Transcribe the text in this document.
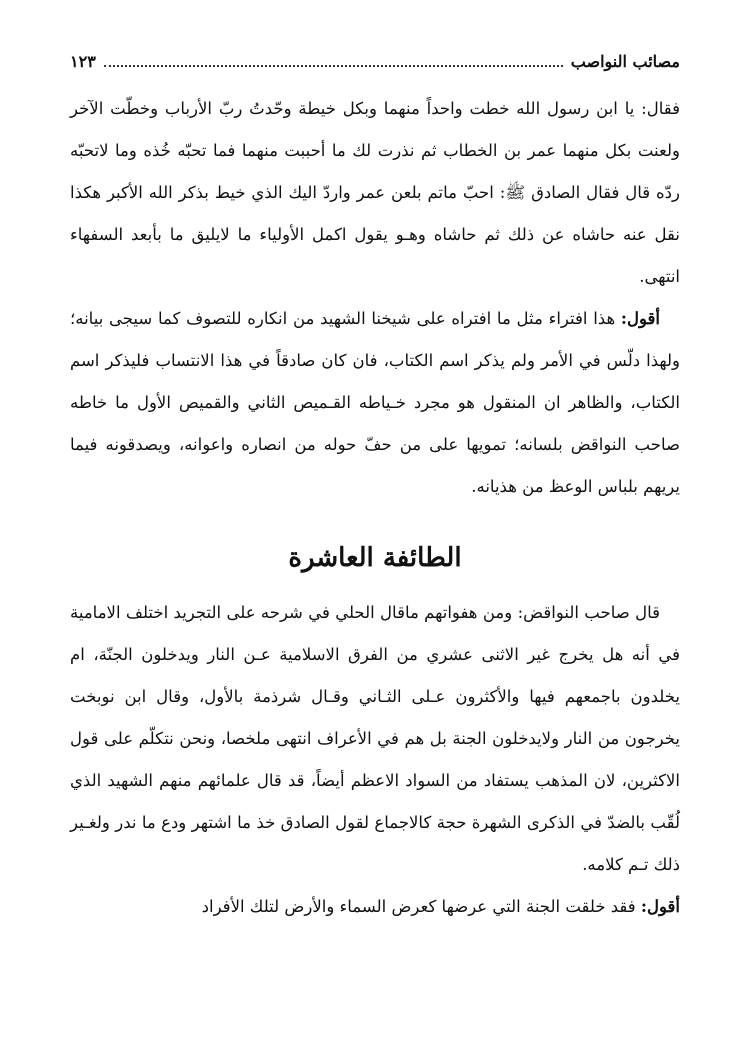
مصائب النواصب
١٢٣
فقال: يا ابن رسول الله خطت واحداً منهما وبكل خيطة وحّدتُ ربّ الأرباب وخطّت الآخر ولعنت بكل منهما عمر بن الخطاب ثم نذرت لك ما أحببت منهما فما تحبّه خُذه وما لاتحبّه ردّه قال فقال الصادق ﷺ: احبّ ماتم بلعن عمر واردّ اليك الذي خيط بذكر الله الأكبر هكذا نقل عنه حاشاه عن ذلك ثم حاشاه وهـو يقول اكمل الأولياء ما لايليق ما بأبعد السفهاء انتهى.
أقول: هذا افتراء مثل ما افتراه على شيخنا الشهيد من انكاره للتصوف كما سيجى بيانه؛ ولهذا دلّس في الأمر ولم يذكر اسم الكتاب، فان كان صادقاً في هذا الانتساب فليذكر اسم الكتاب، والظاهر ان المنقول هو مجرد خـياطه القـميص الثاني والقميص الأول ما خاطه صاحب النواقض بلسانه؛ تمويها على من حفّ حوله من انصاره واعوانه، ويصدقونه فيما يريهم بلباس الوعظ من هذيانه.
الطائفة العاشرة
قال صاحب النواقض: ومن هفواتهم ماقال الحلي في شرحه على التجريد اختلف الامامية في أنه هل يخرج غير الاثنى عشري من الفرق الاسلامية عـن النار ويدخلون الجنّة، ام يخلدون باجمعهم فيها والأكثرون عـلى الثـاني وقـال شرذمة بالأول، وقال ابن نوبخت يخرجون من النار ولايدخلون الجنة بل هم في الأعراف انتهى ملخصا، ونحن نتكلّم على قول الاكثرين، لان المذهب يستفاد من السواد الاعظم أيضاً، قد قال علمائهم منهم الشهيد الذي لُقّب بالضدّ في الذكرى الشهرة حجة كالاجماع لقول الصادق خذ ما اشتهر ودع ما ندر ولغـير ذلك تـم كلامه.
أقول: فقد خلقت الجنة التي عرضها كعرض السماء والأرض لتلك الأفراد
